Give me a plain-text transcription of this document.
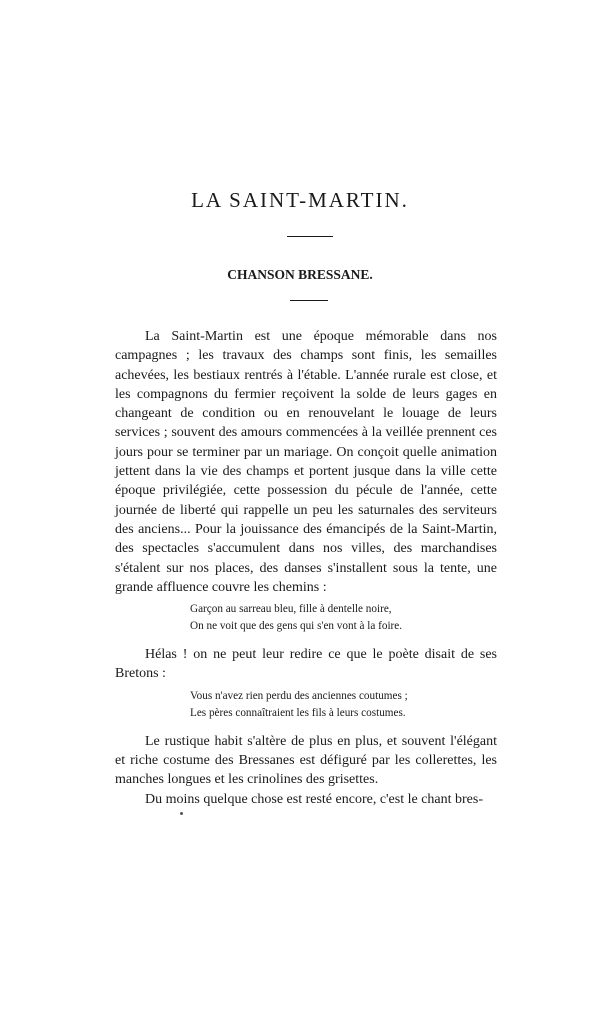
LA SAINT-MARTIN.
CHANSON BRESSANE.

La Saint-Martin est une époque mémorable dans nos campagnes ; les travaux des champs sont finis, les semailles achevées, les bestiaux rentrés à l'étable. L'année rurale est close, et les compagnons du fermier reçoivent la solde de leurs gages en changeant de condition ou en renouvelant le louage de leurs services ; souvent des amours commencées à la veillée prennent ces jours pour se terminer par un mariage. On conçoit quelle animation jettent dans la vie des champs et portent jusque dans la ville cette époque privilégiée, cette possession du pécule de l'année, cette journée de liberté qui rappelle un peu les saturnales des serviteurs des anciens... Pour la jouissance des émancipés de la Saint-Martin, des spectacles s'accumulent dans nos villes, des marchandises s'étalent sur nos places, des danses s'installent sous la tente, une grande affluence couvre les chemins :

Garçon au sarreau bleu, fille à dentelle noire,
On ne voit que des gens qui s'en vont à la foire.

Hélas ! on ne peut leur redire ce que le poète disait de ses Bretons :

Vous n'avez rien perdu des anciennes coutumes ;
Les pères connaîtraient les fils à leurs costumes.

Le rustique habit s'altère de plus en plus, et souvent l'élégant et riche costume des Bressanes est défiguré par les collerettes, les manches longues et les crinolines des grisettes.

Du moins quelque chose est resté encore, c'est le chant bres-
